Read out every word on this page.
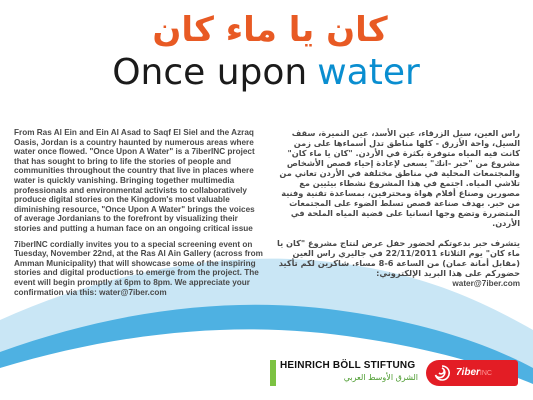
كان يا ماء كان
Once upon water

From Ras Al Ein and Ein Al Asad to Saqf El Siel and the Azraq Oasis, Jordan is a country haunted by numerous areas where water once flowed. "Once Upon A Water" is a 7iberINC project that has sought to bring to life the stories of people and communities throughout the country that live in places where water is quickly vanishing. Bringing together multimedia professionals and environmental activists to collaboratively produce digital stories on the Kingdom's most valuable diminishing resource, "Once Upon A Water" brings the voices of average Jordanians to the forefront by visualizing their stories and putting a human face on an ongoing critical issue

7iberINC cordially invites you to a special screening event on Tuesday, November 22nd, at the Ras Al Ain Gallery (across from Amman Municipality) that will showcase some of the inspiring stories and digital productions to emerge from the project. The event will begin promptly at 6pm to 8pm. We appreciate your confirmation via this: water@7iber.com

راس العين، سيل الزرقاء، عين الأسد، عين النميرة، سقف السيل، واحة الأزرق - كلها مناطق تدل أسماءها على زمن كانت فيه المياه متوفرة بكثرة في الأردن. "كان يا ماء كان" مشروع من "حبر -انك" يسعى لإعادة إحياء قصص الأشخاص والمجتمعات المحلية في مناطق مختلفة في الأردن تعاني من تلاشي المياه. اجتمع في هذا المشروع نشطاء بيئيين مع مصورين وصناع أفلام هواة ومحترفين، بمساعدة تقنية وفنية من حبر. بهدف صناعة قصص تسلط الضوء على المجتمعات المتضررة وتضع وجها انسانيا على قضية المياه الملحة في الأردن.

يتشرف حبر بدعوتكم لحضور حفل عرض لنتاج مشروع "كان يا ماء كان" يوم الثلاثاء 22/11/2011 في جاليري راس العين (مقابل أمانة عمان) من الساعة 6-8 مساء. شاكرين لكم تأكيد حضوركم على هذا البريد الإلكتروني:
water@7iber.com

HEINRICH BÖLL STIFTUNG
الشرق الأوسط العربي	7iberINC
